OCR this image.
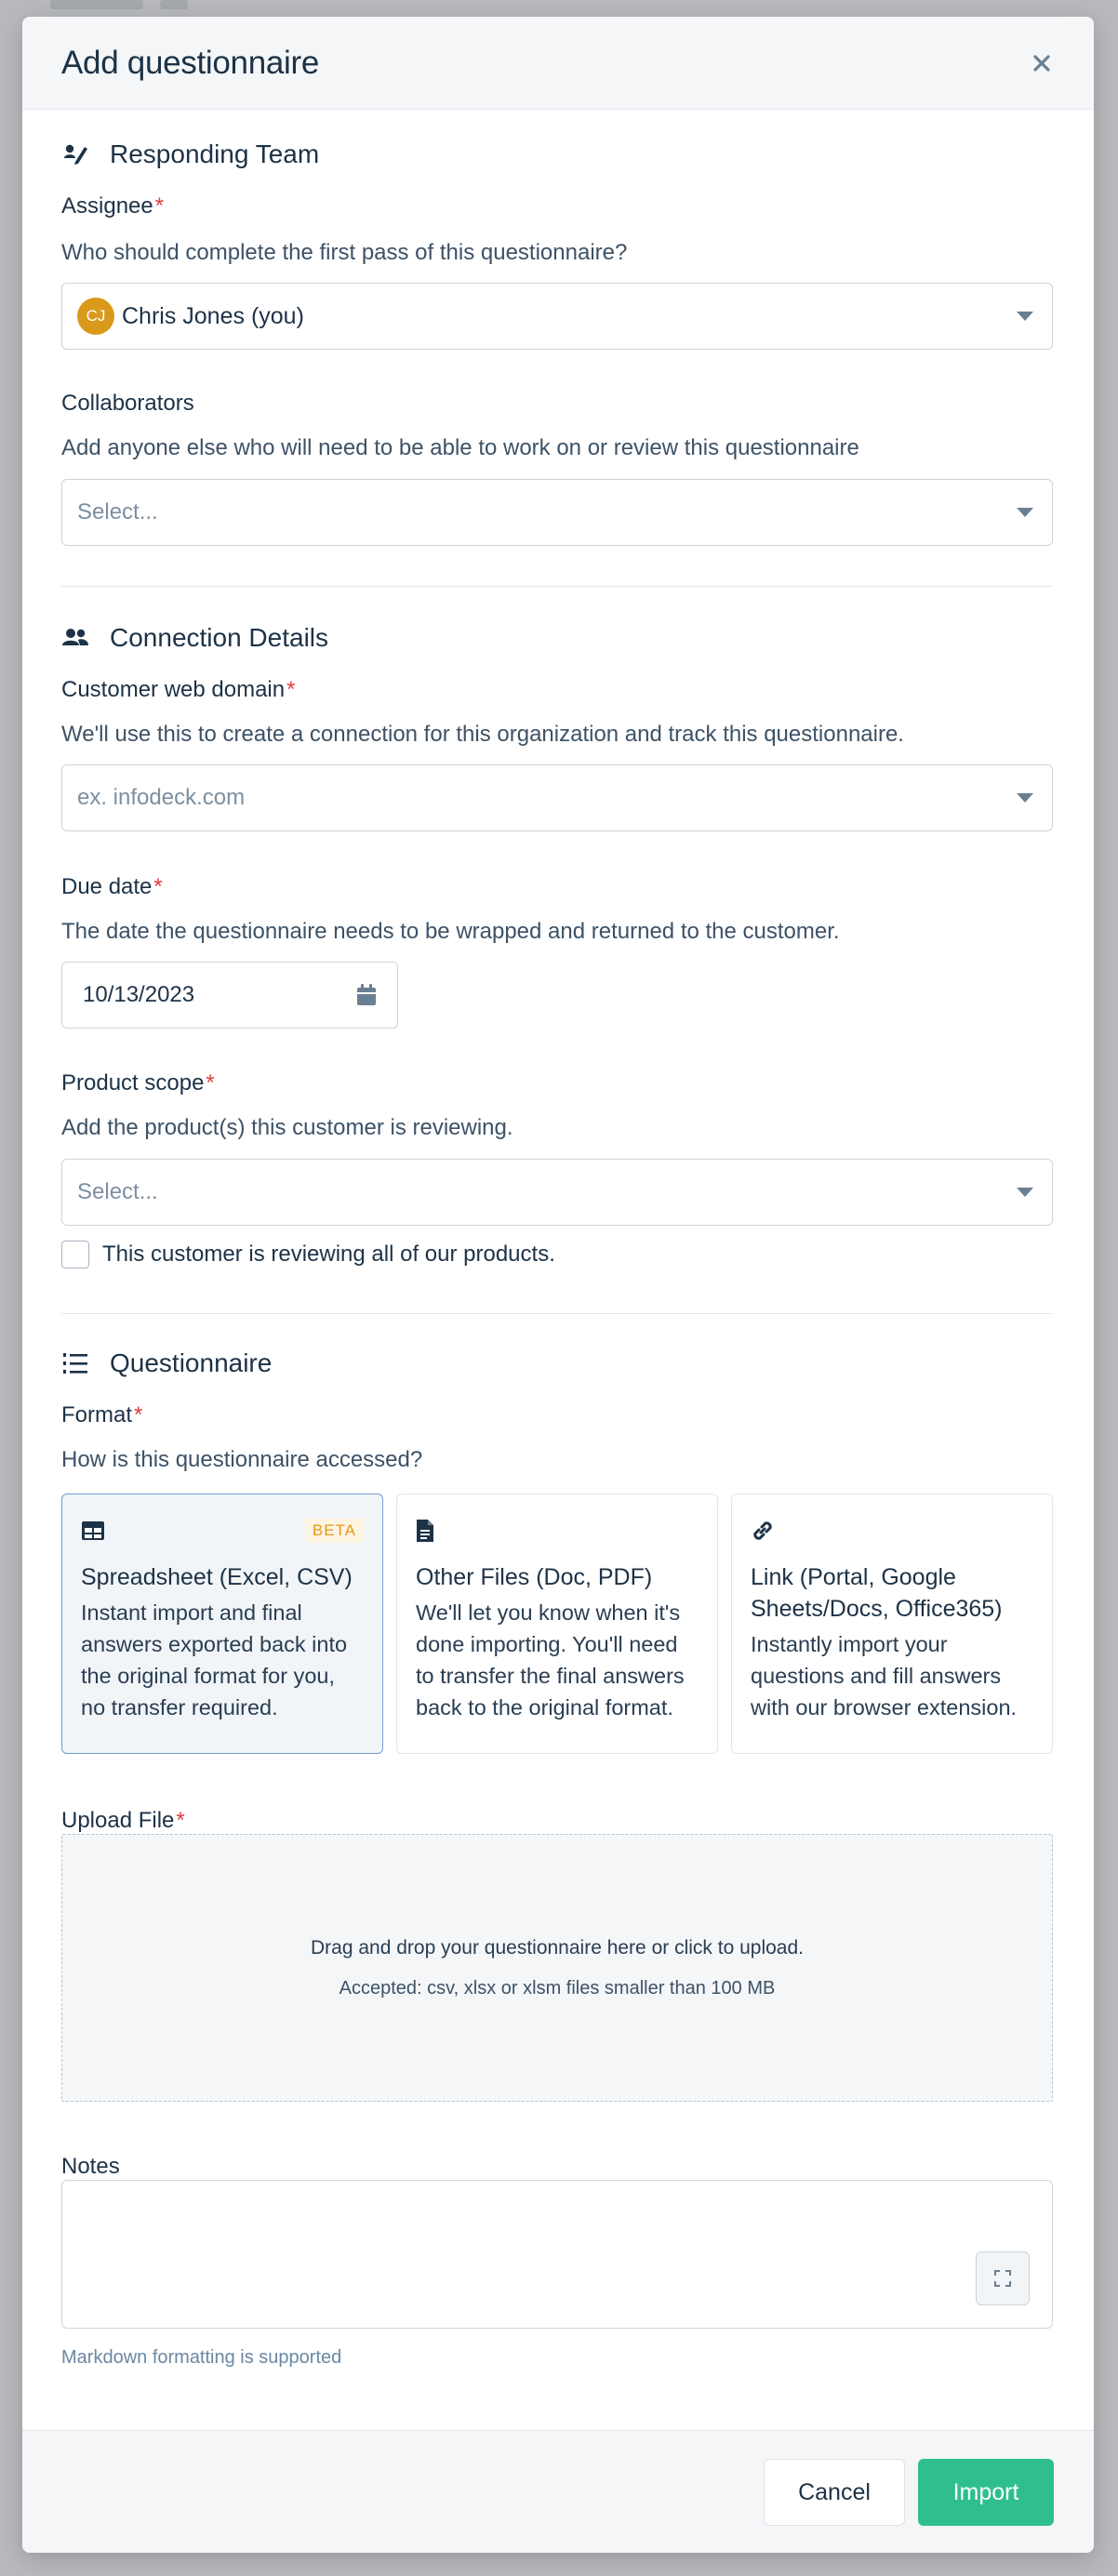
Add questionnaire
Responding Team
Assignee *
Who should complete the first pass of this questionnaire?
CJ Chris Jones (you)
Collaborators
Add anyone else who will need to be able to work on or review this questionnaire
Select...
Connection Details
Customer web domain *
We'll use this to create a connection for this organization and track this questionnaire.
ex. infodeck.com
Due date *
The date the questionnaire needs to be wrapped and returned to the customer.
10/13/2023
Product scope *
Add the product(s) this customer is reviewing.
Select...
This customer is reviewing all of our products.
Questionnaire
Format *
How is this questionnaire accessed?
BETA
Spreadsheet (Excel, CSV)
Instant import and final answers exported back into the original format for you, no transfer required.
Other Files (Doc, PDF)
We'll let you know when it's done importing. You'll need to transfer the final answers back to the original format.
Link (Portal, Google Sheets/Docs, Office365)
Instantly import your questions and fill answers with our browser extension.
Upload File *
Drag and drop your questionnaire here or click to upload.
Accepted: csv, xlsx or xlsm files smaller than 100 MB
Notes
Markdown formatting is supported
Cancel	Import
